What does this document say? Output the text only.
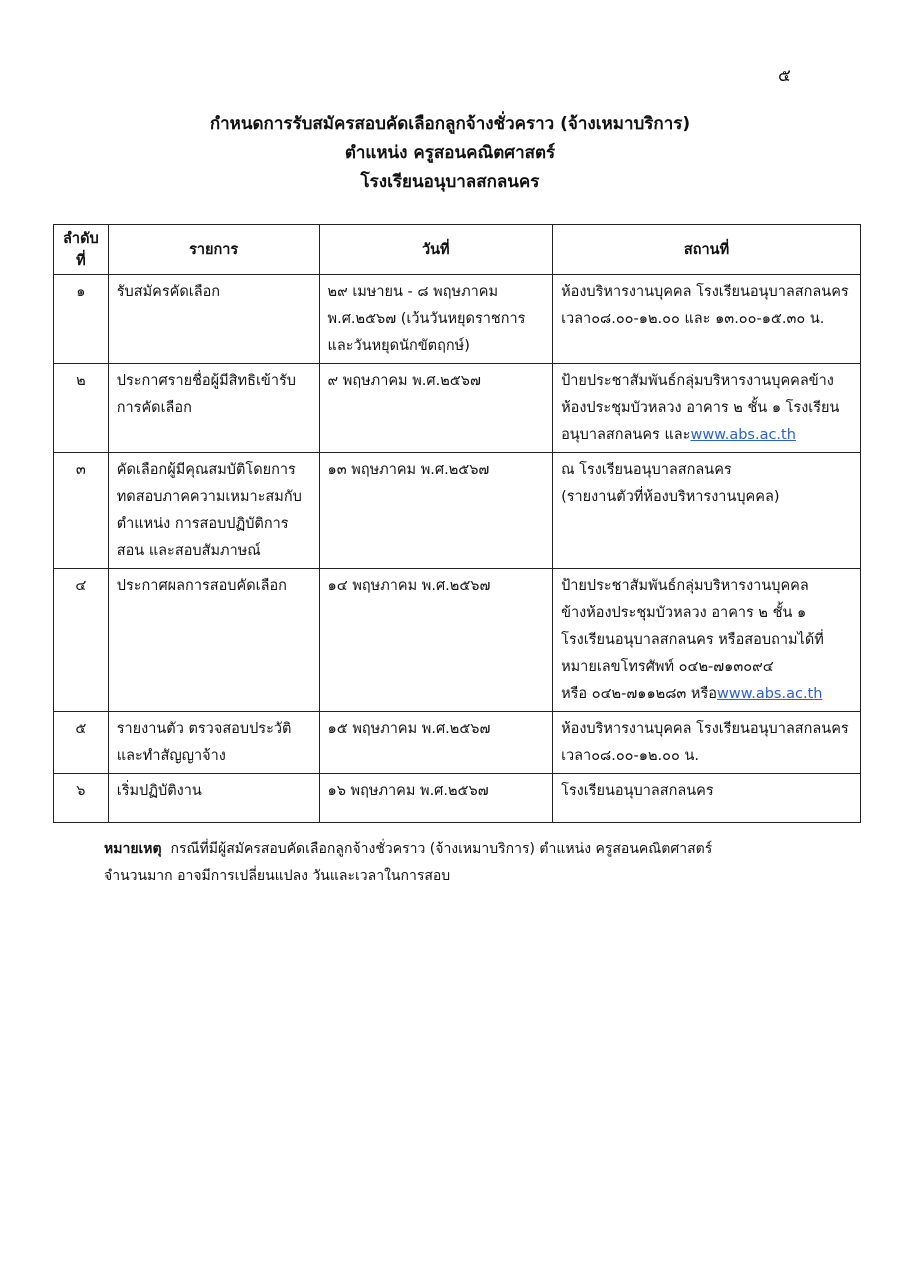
๕
กำหนดการรับสมัครสอบคัดเลือกลูกจ้างชั่วคราว (จ้างเหมาบริการ)
ตำแหน่ง ครูสอนคณิตศาสตร์
โรงเรียนอนุบาลสกลนคร
ลำดับ
ที่	รายการ	วันที่	สถานที่
๑	รับสมัครคัดเลือก	๒๙ เมษายน - ๘ พฤษภาคม
พ.ศ.๒๕๖๗ (เว้นวันหยุดราชการ
และวันหยุดนักขัตฤกษ์)	ห้องบริหารงานบุคคล โรงเรียนอนุบาลสกลนคร
เวลา๐๘.๐๐-๑๒.๐๐ และ ๑๓.๐๐-๑๕.๓๐ น.

๒	ประกาศรายชื่อผู้มีสิทธิเข้ารับ
การคัดเลือก	๙ พฤษภาคม พ.ศ.๒๕๖๗	ป้ายประชาสัมพันธ์กลุ่มบริหารงานบุคคลข้าง
ห้องประชุมบัวหลวง อาคาร ๒ ชั้น ๑ โรงเรียน
อนุบาลสกลนคร และwww.abs.ac.th

๓	คัดเลือกผู้มีคุณสมบัติโดยการ
ทดสอบภาคความเหมาะสมกับ
ตำแหน่ง การสอบปฏิบัติการ
สอน และสอบสัมภาษณ์	๑๓ พฤษภาคม พ.ศ.๒๕๖๗	ณ โรงเรียนอนุบาลสกลนคร
(รายงานตัวที่ห้องบริหารงานบุคคล)

๔	ประกาศผลการสอบคัดเลือก	๑๔ พฤษภาคม พ.ศ.๒๕๖๗	ป้ายประชาสัมพันธ์กลุ่มบริหารงานบุคคล
ข้างห้องประชุมบัวหลวง อาคาร ๒ ชั้น ๑
โรงเรียนอนุบาลสกลนคร หรือสอบถามได้ที่
หมายเลขโทรศัพท์ ๐๔๒-๗๑๓๐๙๔
หรือ ๐๔๒-๗๑๑๒๘๓ หรือwww.abs.ac.th

๕	รายงานตัว ตรวจสอบประวัติ
และทำสัญญาจ้าง	๑๕ พฤษภาคม พ.ศ.๒๕๖๗	ห้องบริหารงานบุคคล โรงเรียนอนุบาลสกลนคร
เวลา๐๘.๐๐-๑๒.๐๐ น.

๖	เริ่มปฏิบัติงาน	๑๖ พฤษภาคม พ.ศ.๒๕๖๗	โรงเรียนอนุบาลสกลนคร
หมายเหตุ กรณีที่มีผู้สมัครสอบคัดเลือกลูกจ้างชั่วคราว (จ้างเหมาบริการ) ตำแหน่ง ครูสอนคณิตศาสตร์
จำนวนมาก อาจมีการเปลี่ยนแปลง วันและเวลาในการสอบ
